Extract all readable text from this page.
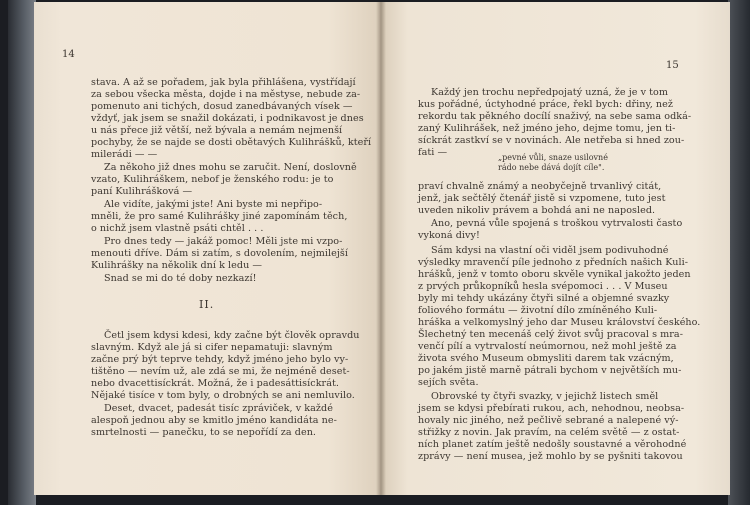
14
stava. A až se pořadem, jak byla přihlášena, vystřídají
za sebou všecka města, dojde i na městyse, nebude za-
pomenuto ani tichých, dosud zanedbávaných vísek —
vždyť, jak jsem se snažil dokázati, i podnikavost je dnes
u nás přece již větší, než bývala a nemám nejmenší
pochyby, že se najde se dosti obětavých Kulihrášků, kteří
milerádi — —
Za někoho již dnes mohu se zaručit. Není, doslovně
vzato, Kulihráškem, nebof je ženského rodu: je to
paní Kulihrášková —
Ale vidíte, jakými jste! Ani byste mi nepřipo-
mněli, že pro samé Kulihrášky jiné zapomínám těch,
o nichž jsem vlastně psáti chtěl . . .
Pro dnes tedy — jakáž pomoc! Měli jste mi vzpo-
menouti dříve. Dám si zatím, s dovolením, nejmilejší
Kulihrášky na několik dní k ledu —
Snad se mi do té doby nezkazí!
II.
Četl jsem kdysi kdesi, kdy začne být člověk opravdu
slavným. Když ale já si cifer nepamatuji: slavným
začne prý být teprve tehdy, když jméno jeho bylo vy-
tištěno — nevím už, ale zdá se mi, že nejméně deset-
nebo dvacettisíckrát. Možná, že i padesáttisíckrát.
Nějaké tisíce v tom byly, o drobných se ani nemluvilo.
Deset, dvacet, padesát tisíc zpráviček, v každé
alespoň jednou aby se kmitlo jméno kandidáta ne-
smrtelnosti — panečku, to se nepořídí za den.
15
Každý jen trochu nepředpojatý uzná, že je v tom
kus pořádné, úctyhodné práce, řekl bych: dřiny, než
rekordu tak pěkného docílí snaživý, na sebe sama odká-
zaný Kulihrášek, než jméno jeho, dejme tomu, jen ti-
síckrát zastkví se v novinách. Ale netřeba si hned zou-
fati —	„pevné vůli, snaze usilovné
rádo nebe dává dojít cíle".
praví chvalně známý a neobyčejně trvanlivý citát,
jenž, jak sečtělý čtenář jistě si vzpomene, tuto jest
uveden nikoliv právem a bohdá ani ne naposled.
Ano, pevná vůle spojená s troškou vytrvalosti často
vykoná divy!
Sám kdysi na vlastní oči viděl jsem podivuhodné
výsledky mravenčí píle jednoho z předních našich Kuli-
hrášků, jenž v tomto oboru skvěle vynikal jakožto jeden
z prvých průkopníků hesla svépomoci . . . V Museu
byly mi tehdy ukázány čtyři silné a objemné svazky
foliového formátu — životní dílo zmíněného Kuli-
hráška a velkomyslný jeho dar Museu království českého.
Šlechetný ten mecenáš celý život svůj pracoval s mra-
venčí pílí a vytrvalostí neúmornou, než mohl ještě za
života svého Museum obmysliti darem tak vzácným,
po jakém jistě marně pátrali bychom v největších mu-
sejích světa.
Obrovské ty čtyři svazky, v jejichž listech směl
jsem se kdysi přebírati rukou, ach, nehodnou, neobsa-
hovaly nic jiného, než pečlivě sebrané a nalepené vý-
střižky z novin. Jak pravím, na celém světě — z ostat-
ních planet zatím ještě nedošly soustavné a věrohodné
zprávy — není musea, jež mohlo by se pyšniti takovou
